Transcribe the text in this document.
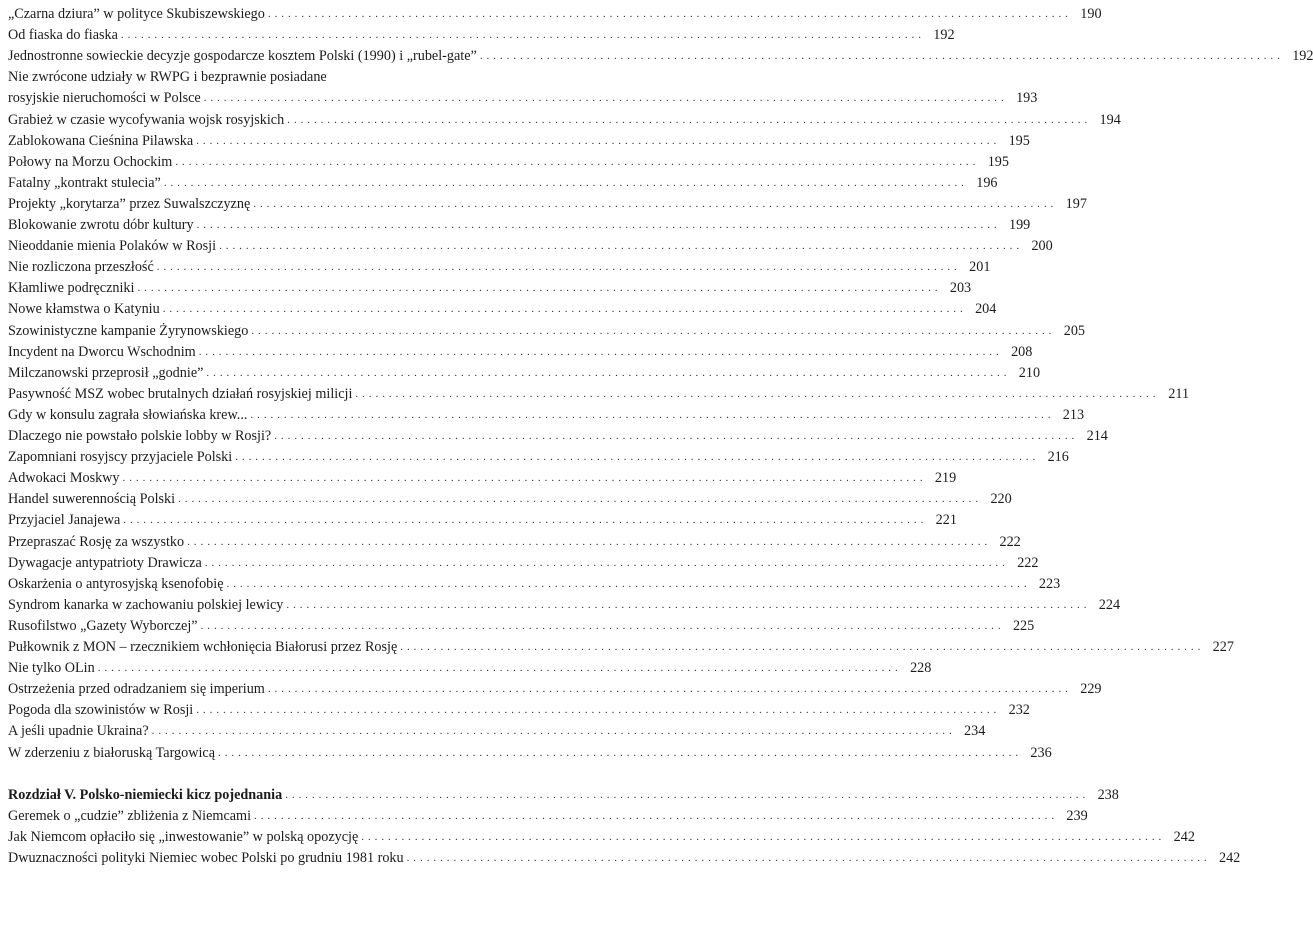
„Czarna dziura” w polityce Skubiszewskiego . . . . . . . . . . . . . . . . . . . . . . . . . . . . . . . . . . . . . . . . . . . . . . . . . . . . . . . . . . . . . . . . . . . . . . . . . . . . . . . . . . . . . . . . . . . . . . . . . . . . . . . . . . . . . . . . . . . . . . . . 190
Od fiaska do fiaska . . . . . . . . . . . . . . . . . . . . . . . . . . . . . . . . . . . . . . . . . . . . . . . . . . . . . . . . . . . . . . . . . . . . . . . . . . . . . . . . . . . . . . . . . . . . . . . . . . . . . . . . . . . . . . . . . . . . . . . . 192
Jednostronne sowieckie decyzje gospodarcze kosztem Polski (1990) i „rubel-gate” . . . . . . . . . . . . . . . . . . . . . . . . . . . . . . . . . . . . . . . . . . . . . . . . . . . . . . . . . . . . . . . . . . . . . . . . . . . . . . . . . . . . . . . . . . . . . . . . . . . . . . . . . . . . . . . . . . . . . . . . 192
Nie zwrócone udziały w RWPG i bezprawnie posiadane
rosyjskie nieruchomości w Polsce . . . . . . . . . . . . . . . . . . . . . . . . . . . . . . . . . . . . . . . . . . . . . . . . . . . . . . . . . . . . . . . . . . . . . . . . . . . . . . . . . . . . . . . . . . . . . . . . . . . . . . . . . . . . . . . . . . . . . . . . 193
Grabież w czasie wycofywania wojsk rosyjskich . . . . . . . . . . . . . . . . . . . . . . . . . . . . . . . . . . . . . . . . . . . . . . . . . . . . . . . . . . . . . . . . . . . . . . . . . . . . . . . . . . . . . . . . . . . . . . . . . . . . . . . . . . . . . . . . . . . . . . . . 194
Zablokowana Cieśnina Pilawska . . . . . . . . . . . . . . . . . . . . . . . . . . . . . . . . . . . . . . . . . . . . . . . . . . . . . . . . . . . . . . . . . . . . . . . . . . . . . . . . . . . . . . . . . . . . . . . . . . . . . . . . . . . . . . . . . . . . . . . . 195
Połowy na Morzu Ochockim . . . . . . . . . . . . . . . . . . . . . . . . . . . . . . . . . . . . . . . . . . . . . . . . . . . . . . . . . . . . . . . . . . . . . . . . . . . . . . . . . . . . . . . . . . . . . . . . . . . . . . . . . . . . . . . . . . . . . . . . 195
Fatalny „kontrakt stulecia” . . . . . . . . . . . . . . . . . . . . . . . . . . . . . . . . . . . . . . . . . . . . . . . . . . . . . . . . . . . . . . . . . . . . . . . . . . . . . . . . . . . . . . . . . . . . . . . . . . . . . . . . . . . . . . . . . . . . . . . . 196
Projekty „korytarza” przez Suwalszczyznę . . . . . . . . . . . . . . . . . . . . . . . . . . . . . . . . . . . . . . . . . . . . . . . . . . . . . . . . . . . . . . . . . . . . . . . . . . . . . . . . . . . . . . . . . . . . . . . . . . . . . . . . . . . . . . . . . . . . . . . . 197
Blokowanie zwrotu dóbr kultury . . . . . . . . . . . . . . . . . . . . . . . . . . . . . . . . . . . . . . . . . . . . . . . . . . . . . . . . . . . . . . . . . . . . . . . . . . . . . . . . . . . . . . . . . . . . . . . . . . . . . . . . . . . . . . . . . . . . . . . . 199
Nieoddanie mienia Polaków w Rosji . . . . . . . . . . . . . . . . . . . . . . . . . . . . . . . . . . . . . . . . . . . . . . . . . . . . . . . . . . . . . . . . . . . . . . . . . . . . . . . . . . . . . . . . . . . . . . . . . . . . . . . . . . . . . . . . . . . . . . . . 200
Nie rozliczona przeszłość . . . . . . . . . . . . . . . . . . . . . . . . . . . . . . . . . . . . . . . . . . . . . . . . . . . . . . . . . . . . . . . . . . . . . . . . . . . . . . . . . . . . . . . . . . . . . . . . . . . . . . . . . . . . . . . . . . . . . . . . 201
Kłamliwe podręczniki . . . . . . . . . . . . . . . . . . . . . . . . . . . . . . . . . . . . . . . . . . . . . . . . . . . . . . . . . . . . . . . . . . . . . . . . . . . . . . . . . . . . . . . . . . . . . . . . . . . . . . . . . . . . . . . . . . . . . . . . 203
Nowe kłamstwa o Katyniu . . . . . . . . . . . . . . . . . . . . . . . . . . . . . . . . . . . . . . . . . . . . . . . . . . . . . . . . . . . . . . . . . . . . . . . . . . . . . . . . . . . . . . . . . . . . . . . . . . . . . . . . . . . . . . . . . . . . . . . . 204
Szowinistyczne kampanie Żyrynowskiego . . . . . . . . . . . . . . . . . . . . . . . . . . . . . . . . . . . . . . . . . . . . . . . . . . . . . . . . . . . . . . . . . . . . . . . . . . . . . . . . . . . . . . . . . . . . . . . . . . . . . . . . . . . . . . . . . . . . . . . . 205
Incydent na Dworcu Wschodnim . . . . . . . . . . . . . . . . . . . . . . . . . . . . . . . . . . . . . . . . . . . . . . . . . . . . . . . . . . . . . . . . . . . . . . . . . . . . . . . . . . . . . . . . . . . . . . . . . . . . . . . . . . . . . . . . . . . . . . . . 208
Milczanowski przeprosił „godnie” . . . . . . . . . . . . . . . . . . . . . . . . . . . . . . . . . . . . . . . . . . . . . . . . . . . . . . . . . . . . . . . . . . . . . . . . . . . . . . . . . . . . . . . . . . . . . . . . . . . . . . . . . . . . . . . . . . . . . . . . 210
Pasywność MSZ wobec brutalnych działań rosyjskiej milicji . . . . . . . . . . . . . . . . . . . . . . . . . . . . . . . . . . . . . . . . . . . . . . . . . . . . . . . . . . . . . . . . . . . . . . . . . . . . . . . . . . . . . . . . . . . . . . . . . . . . . . . . . . . . . . . . . . . . . . . . 211
Gdy w konsulu zagrała słowiańska krew... . . . . . . . . . . . . . . . . . . . . . . . . . . . . . . . . . . . . . . . . . . . . . . . . . . . . . . . . . . . . . . . . . . . . . . . . . . . . . . . . . . . . . . . . . . . . . . . . . . . . . . . . . . . . . . . . . . . . . . . . 213
Dlaczego nie powstało polskie lobby w Rosji? . . . . . . . . . . . . . . . . . . . . . . . . . . . . . . . . . . . . . . . . . . . . . . . . . . . . . . . . . . . . . . . . . . . . . . . . . . . . . . . . . . . . . . . . . . . . . . . . . . . . . . . . . . . . . . . . . . . . . . . . 214
Zapomniani rosyjscy przyjaciele Polski . . . . . . . . . . . . . . . . . . . . . . . . . . . . . . . . . . . . . . . . . . . . . . . . . . . . . . . . . . . . . . . . . . . . . . . . . . . . . . . . . . . . . . . . . . . . . . . . . . . . . . . . . . . . . . . . . . . . . . . . 216
Adwokaci Moskwy . . . . . . . . . . . . . . . . . . . . . . . . . . . . . . . . . . . . . . . . . . . . . . . . . . . . . . . . . . . . . . . . . . . . . . . . . . . . . . . . . . . . . . . . . . . . . . . . . . . . . . . . . . . . . . . . . . . . . . . . 219
Handel suwerennością Polski . . . . . . . . . . . . . . . . . . . . . . . . . . . . . . . . . . . . . . . . . . . . . . . . . . . . . . . . . . . . . . . . . . . . . . . . . . . . . . . . . . . . . . . . . . . . . . . . . . . . . . . . . . . . . . . . . . . . . . . . 220
Przyjaciel Janajewa . . . . . . . . . . . . . . . . . . . . . . . . . . . . . . . . . . . . . . . . . . . . . . . . . . . . . . . . . . . . . . . . . . . . . . . . . . . . . . . . . . . . . . . . . . . . . . . . . . . . . . . . . . . . . . . . . . . . . . . . 221
Przepraszać Rosję za wszystko . . . . . . . . . . . . . . . . . . . . . . . . . . . . . . . . . . . . . . . . . . . . . . . . . . . . . . . . . . . . . . . . . . . . . . . . . . . . . . . . . . . . . . . . . . . . . . . . . . . . . . . . . . . . . . . . . . . . . . . . 222
Dywagacje antypatrioty Drawicza . . . . . . . . . . . . . . . . . . . . . . . . . . . . . . . . . . . . . . . . . . . . . . . . . . . . . . . . . . . . . . . . . . . . . . . . . . . . . . . . . . . . . . . . . . . . . . . . . . . . . . . . . . . . . . . . . . . . . . . . 222
Oskarżenia o antyrosyjską ksenofobię . . . . . . . . . . . . . . . . . . . . . . . . . . . . . . . . . . . . . . . . . . . . . . . . . . . . . . . . . . . . . . . . . . . . . . . . . . . . . . . . . . . . . . . . . . . . . . . . . . . . . . . . . . . . . . . . . . . . . . . . 223
Syndrom kanarka w zachowaniu polskiej lewicy . . . . . . . . . . . . . . . . . . . . . . . . . . . . . . . . . . . . . . . . . . . . . . . . . . . . . . . . . . . . . . . . . . . . . . . . . . . . . . . . . . . . . . . . . . . . . . . . . . . . . . . . . . . . . . . . . . . . . . . . 224
Rusofilstwo „Gazety Wyborczej” . . . . . . . . . . . . . . . . . . . . . . . . . . . . . . . . . . . . . . . . . . . . . . . . . . . . . . . . . . . . . . . . . . . . . . . . . . . . . . . . . . . . . . . . . . . . . . . . . . . . . . . . . . . . . . . . . . . . . . . . 225
Pułkownik z MON – rzecznikiem wchłonięcia Białorusi przez Rosję . . . . . . . . . . . . . . . . . . . . . . . . . . . . . . . . . . . . . . . . . . . . . . . . . . . . . . . . . . . . . . . . . . . . . . . . . . . . . . . . . . . . . . . . . . . . . . . . . . . . . . . . . . . . . . . . . . . . . . . . 227
Nie tylko OLin . . . . . . . . . . . . . . . . . . . . . . . . . . . . . . . . . . . . . . . . . . . . . . . . . . . . . . . . . . . . . . . . . . . . . . . . . . . . . . . . . . . . . . . . . . . . . . . . . . . . . . . . . . . . . . . . . . . . . . . . 228
Ostrzeżenia przed odradzaniem się imperium . . . . . . . . . . . . . . . . . . . . . . . . . . . . . . . . . . . . . . . . . . . . . . . . . . . . . . . . . . . . . . . . . . . . . . . . . . . . . . . . . . . . . . . . . . . . . . . . . . . . . . . . . . . . . . . . . . . . . . . . 229
Pogoda dla szowinistów w Rosji . . . . . . . . . . . . . . . . . . . . . . . . . . . . . . . . . . . . . . . . . . . . . . . . . . . . . . . . . . . . . . . . . . . . . . . . . . . . . . . . . . . . . . . . . . . . . . . . . . . . . . . . . . . . . . . . . . . . . . . . 232
A jeśli upadnie Ukraina? . . . . . . . . . . . . . . . . . . . . . . . . . . . . . . . . . . . . . . . . . . . . . . . . . . . . . . . . . . . . . . . . . . . . . . . . . . . . . . . . . . . . . . . . . . . . . . . . . . . . . . . . . . . . . . . . . . . . . . . . 234
W zderzeniu z białoruską Targowicą . . . . . . . . . . . . . . . . . . . . . . . . . . . . . . . . . . . . . . . . . . . . . . . . . . . . . . . . . . . . . . . . . . . . . . . . . . . . . . . . . . . . . . . . . . . . . . . . . . . . . . . . . . . . . . . . . . . . . . . . 236
Rozdział V. Polsko-niemiecki kicz pojednania . . . . . . . . . . . . . . . . . . . . . . . . . . . . . . . . . . . . . . . . . . . . . . . . . . . . . . . . . . . . . . . . . . . . . . . . . . . . . . . . . . . . . . . . . . . . . . . . . . . . . . . . . . . . . . . . . . . . . . . . 238
Geremek o „cudzie” zbliżenia z Niemcami . . . . . . . . . . . . . . . . . . . . . . . . . . . . . . . . . . . . . . . . . . . . . . . . . . . . . . . . . . . . . . . . . . . . . . . . . . . . . . . . . . . . . . . . . . . . . . . . . . . . . . . . . . . . . . . . . . . . . . . . 239
Jak Niemcom opłaciło się „inwestowanie” w polską opozycję . . . . . . . . . . . . . . . . . . . . . . . . . . . . . . . . . . . . . . . . . . . . . . . . . . . . . . . . . . . . . . . . . . . . . . . . . . . . . . . . . . . . . . . . . . . . . . . . . . . . . . . . . . . . . . . . . . . . . . . . 242
Dwuznaczności polityki Niemiec wobec Polski po grudniu 1981 roku . . . . . . . . . . . . . . . . . . . . . . . . . . . . . . . . . . . . . . . . . . . . . . . . . . . . . . . . . . . . . . . . . . . . . . . . . . . . . . . . . . . . . . . . . . . . . . . . . . . . . . . . . . . . . . . . . . . . . . . . 242
